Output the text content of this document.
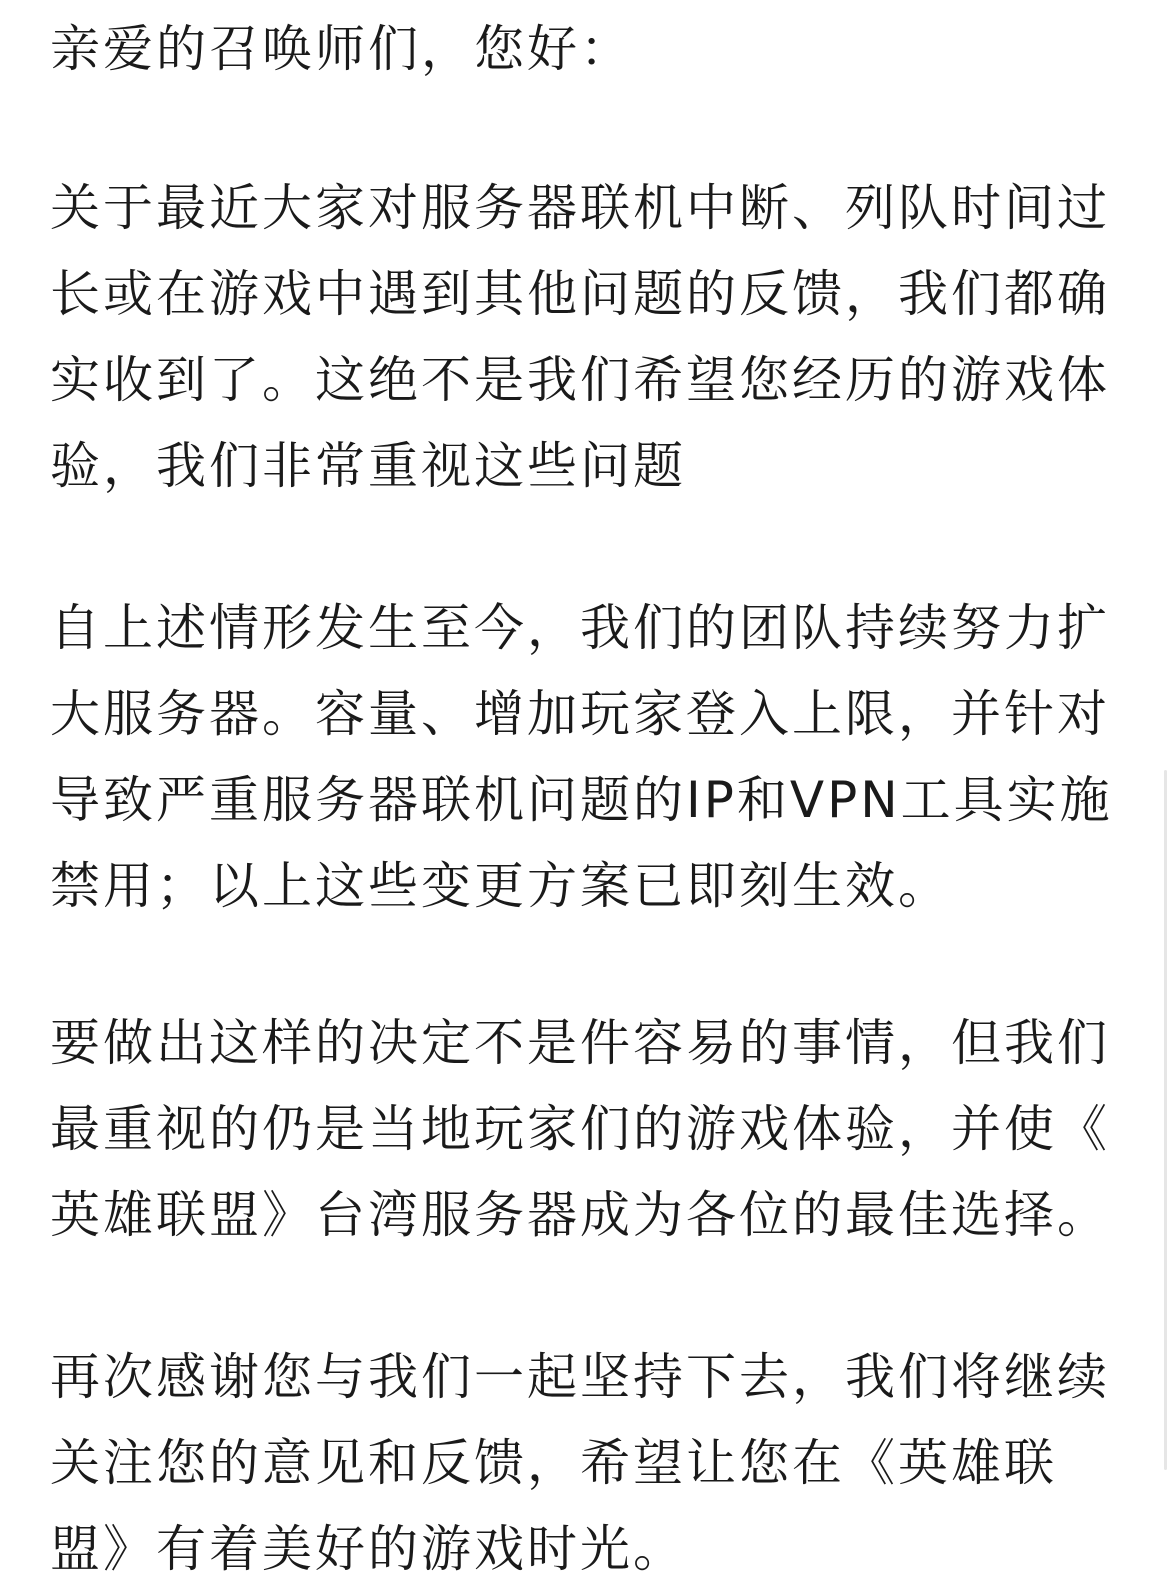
亲爱的召唤师们，您好：
关于最近大家对服务器联机中断、列队时间过
长或在游戏中遇到其他问题的反馈，我们都确
实收到了。这绝不是我们希望您经历的游戏体
验，我们非常重视这些问题
自上述情形发生至今，我们的团队持续努力扩
大服务器。容量、增加玩家登入上限，并针对
导致严重服务器联机问题的IP和VPN工具实施
禁用；以上这些变更方案已即刻生效。
要做出这样的决定不是件容易的事情，但我们
最重视的仍是当地玩家们的游戏体验，并使《
英雄联盟》台湾服务器成为各位的最佳选择。
再次感谢您与我们一起坚持下去，我们将继续
关注您的意见和反馈，希望让您在《英雄联
盟》有着美好的游戏时光。
